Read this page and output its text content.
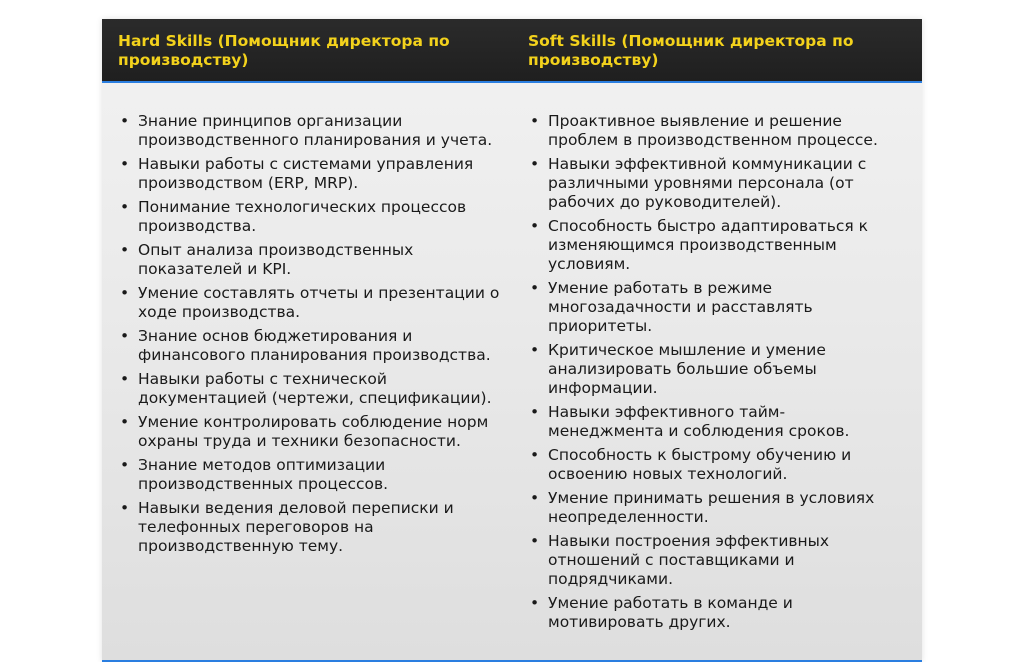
Hard Skills (Помощник директора по производству)
Soft Skills (Помощник директора по производству)
• Знание принципов организации производственного планирования и учета.
• Навыки работы с системами управления производством (ERP, MRP).
• Понимание технологических процессов производства.
• Опыт анализа производственных показателей и KPI.
• Умение составлять отчеты и презентации о ходе производства.
• Знание основ бюджетирования и финансового планирования производства.
• Навыки работы с технической документацией (чертежи, спецификации).
• Умение контролировать соблюдение норм охраны труда и техники безопасности.
• Знание методов оптимизации производственных процессов.
• Навыки ведения деловой переписки и телефонных переговоров на производственную тему.
• Проактивное выявление и решение проблем в производственном процессе.
• Навыки эффективной коммуникации с различными уровнями персонала (от рабочих до руководителей).
• Способность быстро адаптироваться к изменяющимся производственным условиям.
• Умение работать в режиме многозадачности и расставлять приоритеты.
• Критическое мышление и умение анализировать большие объемы информации.
• Навыки эффективного тайм-менеджмента и соблюдения сроков.
• Способность к быстрому обучению и освоению новых технологий.
• Умение принимать решения в условиях неопределенности.
• Навыки построения эффективных отношений с поставщиками и подрядчиками.
• Умение работать в команде и мотивировать других.
